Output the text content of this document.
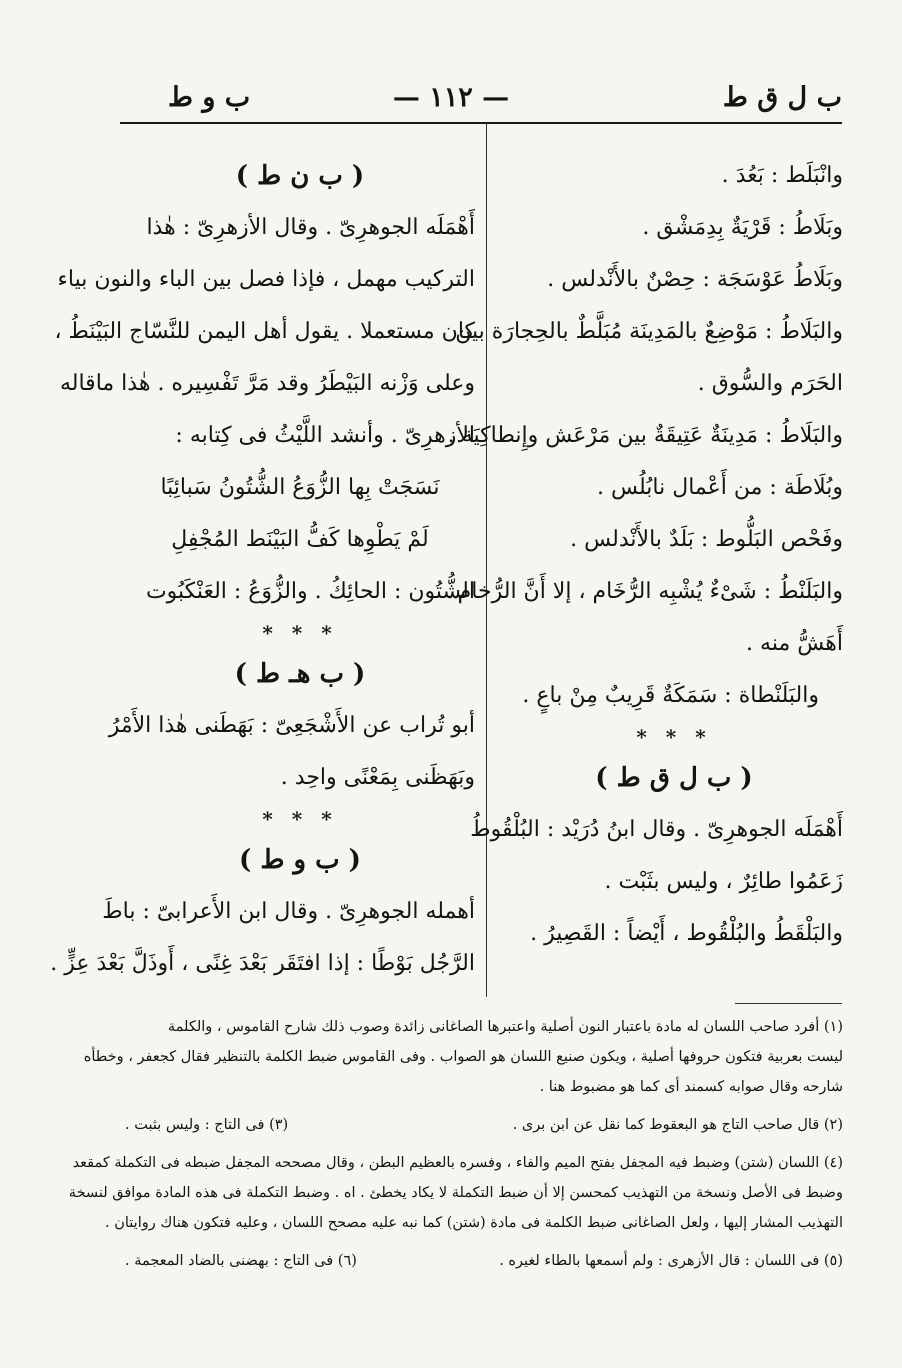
ب ل ق ط
— ١١٢ —
ب و ط
وانْبَلَط : بَعُدَ .
وبَلَاطُ : قَرْيَةٌ بِدِمَشْق .
وبَلَاطُ عَوْسَجَة : حِصْنٌ بالأَنْدلس .
والبَلَاطُ : مَوْضِعٌ بالمَدِينَة مُبَلَّطٌ بالحِجارَة بين
الحَرَم والسُّوق .
والبَلَاطُ : مَدِينَةٌ عَتِيقَةٌ بين مَرْعَش وإِنطاكِيَة .
وبُلَاطَة : من أَعْمال نابُلُس .
وفَحْص البَلُّوط : بَلَدٌ بالأَنْدلس .
والبَلَنْطُ : شَىْءٌ يُشْبِه الرُّخَام ، إلا أَنَّ الرُّخام
أَهَشُّ منه .
والبَلَنْطاة : سَمَكَةٌ قَرِيبٌ مِنْ باعٍ .
* * *
( ب ل ق ط )
أَهْمَلَه الجوهرِىّ . وقال ابنُ دُرَيْد : البُلْقُوطُ
زَعَمُوا طائِرٌ ، وليس بثَبْت .
والبَلْقَطُ والبُلْقُوط ، أَيْضاً : القَصِيرُ .
( ب ن ط )
أَهْمَلَه الجوهرِىّ . وقال الأزهرِىّ : هٰذا
التركيب مهمل ، فإذا فصل بين الباء والنون بياء
كان مستعملا . يقول أهل اليمن للنَّسّاج البَيْنَطُ ،
وعلى وَزْنه البَيْطَرُ وقد مَرَّ تَفْسِيره . هٰذا ماقاله
الأزهرِىّ . وأنشد اللَّيْثُ فى كِتابه :
نَسَجَتْ بِها الزُّوَعُ الشُّتُونُ سَبائِبًا
لَمْ يَطْوِها كَفُّ البَيْنَط المُجْفِلِ
الشُّتُون : الحائِكُ . والزُّوَعُ : العَنْكَبُوت
* * *
( ب هـ ط )
أبو تُراب عن الأَشْجَعِىّ : بَهَطَنى هٰذا الأَمْرُ
وبَهَظَنى بِمَعْنًى واحِد .
* * *
( ب و ط )
أهمله الجوهرِىّ . وقال ابن الأَعرابىّ : باطَ
الرَّجُل بَوْطًا : إذا افتَقَر بَعْدَ غِنًى ، أَوذَلَّ بَعْدَ عِزٍّ .
(١) أفرد صاحب اللسان له مادة باعتبار النون أصلية واعتبرها الصاغانى زائدة وصوب ذلك شارح القاموس ، والكلمة
ليست بعربية فتكون حروفها أصلية ، ويكون صنيع اللسان هو الصواب . وفى القاموس ضبط الكلمة بالتنظير فقال كجعفر ، وخطأه
شارحه وقال صوابه كسمند أى كما هو مضبوط هنا .
(٢) قال صاحب التاج هو البعقوط كما نقل عن ابن برى .
(٣) فى التاج : وليس بثبت .
(٤) اللسان (شتن) وضبط فيه المجفل بفتح الميم والفاء ، وفسره بالعظيم البطن ، وقال مصححه المجفل ضبطه فى التكملة كمقعد
وضبط فى الأصل ونسخة من التهذيب كمحسن إلا أن ضبط التكملة لا يكاد يخطئ . اه . وضبط التكملة فى هذه المادة موافق لنسخة
التهذيب المشار إليها ، ولعل الصاغانى ضبط الكلمة فى مادة (شتن) كما نبه عليه مصحح اللسان ، وعليه فتكون هناك روايتان .
(٥) فى اللسان : قال الأزهرى : ولم أسمعها بالطاء لغيره .
(٦) فى التاج : بهضنى بالضاد المعجمة .
